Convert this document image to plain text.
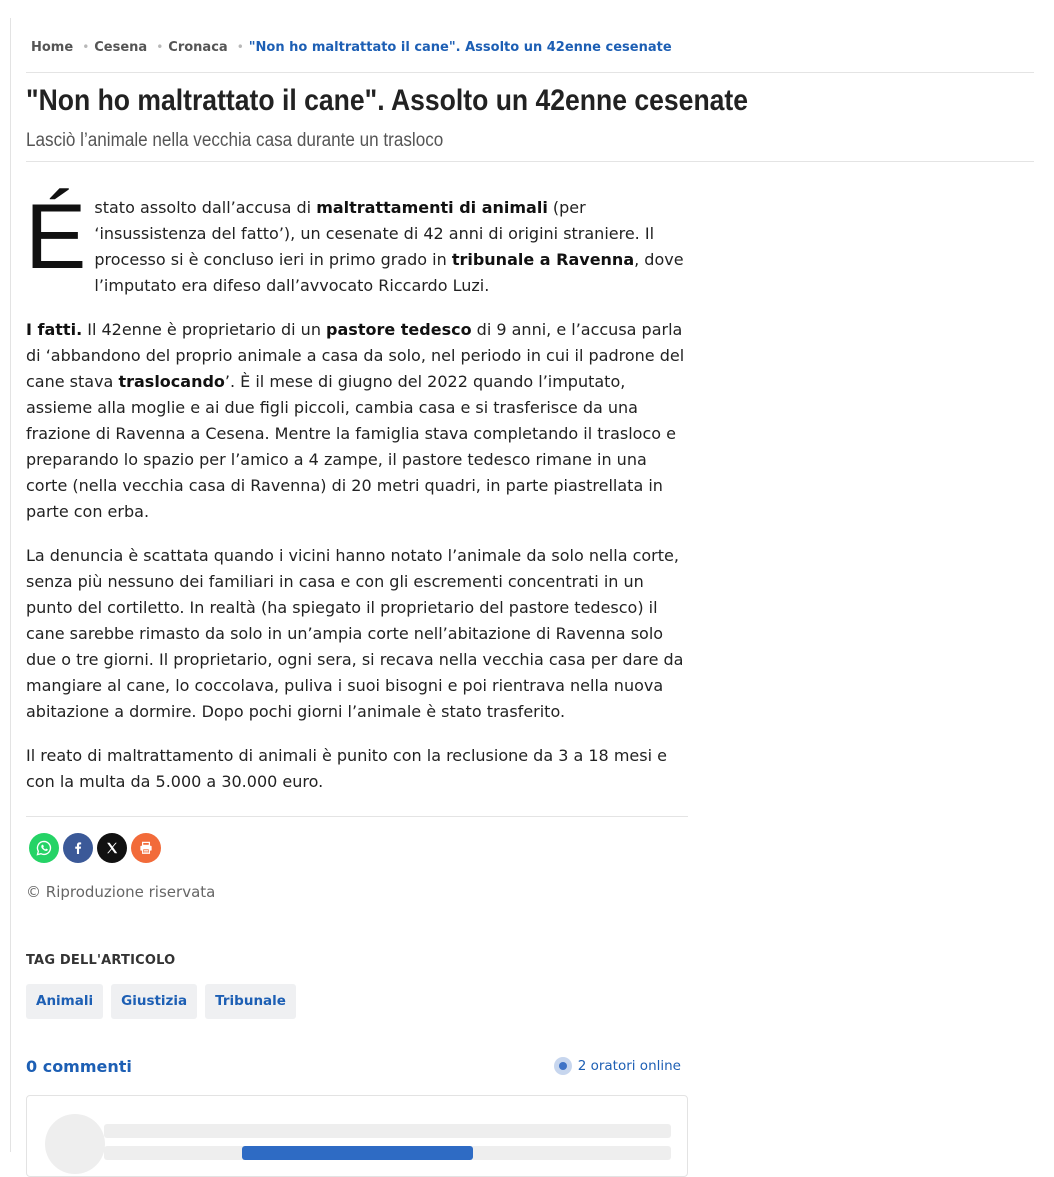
Home • Cesena • Cronaca • "Non ho maltrattato il cane". Assolto un 42enne cesenate
"Non ho maltrattato il cane". Assolto un 42enne cesenate
Lasciò l’animale nella vecchia casa durante un trasloco

É stato assolto dall’accusa di maltrattamenti di animali (per ‘insussistenza del fatto’), un cesenate di 42 anni di origini straniere. Il processo si è concluso ieri in primo grado in tribunale a Ravenna, dove l’imputato era difeso dall’avvocato Riccardo Luzi.

I fatti. Il 42enne è proprietario di un pastore tedesco di 9 anni, e l’accusa parla di ‘abbandono del proprio animale a casa da solo, nel periodo in cui il padrone del cane stava traslocando’. È il mese di giugno del 2022 quando l’imputato, assieme alla moglie e ai due figli piccoli, cambia casa e si trasferisce da una frazione di Ravenna a Cesena. Mentre la famiglia stava completando il trasloco e preparando lo spazio per l’amico a 4 zampe, il pastore tedesco rimane in una corte (nella vecchia casa di Ravenna) di 20 metri quadri, in parte piastrellata in parte con erba.

La denuncia è scattata quando i vicini hanno notato l’animale da solo nella corte, senza più nessuno dei familiari in casa e con gli escrementi concentrati in un punto del cortiletto. In realtà (ha spiegato il proprietario del pastore tedesco) il cane sarebbe rimasto da solo in un’ampia corte nell’abitazione di Ravenna solo due o tre giorni. Il proprietario, ogni sera, si recava nella vecchia casa per dare da mangiare al cane, lo coccolava, puliva i suoi bisogni e poi rientrava nella nuova abitazione a dormire. Dopo pochi giorni l’animale è stato trasferito.

Il reato di maltrattamento di animali è punito con la reclusione da 3 a 18 mesi e con la multa da 5.000 a 30.000 euro.

© Riproduzione riservata
TAG DELL'ARTICOLO
Animali	Giustizia	Tribunale
0 commenti	2 oratori online
